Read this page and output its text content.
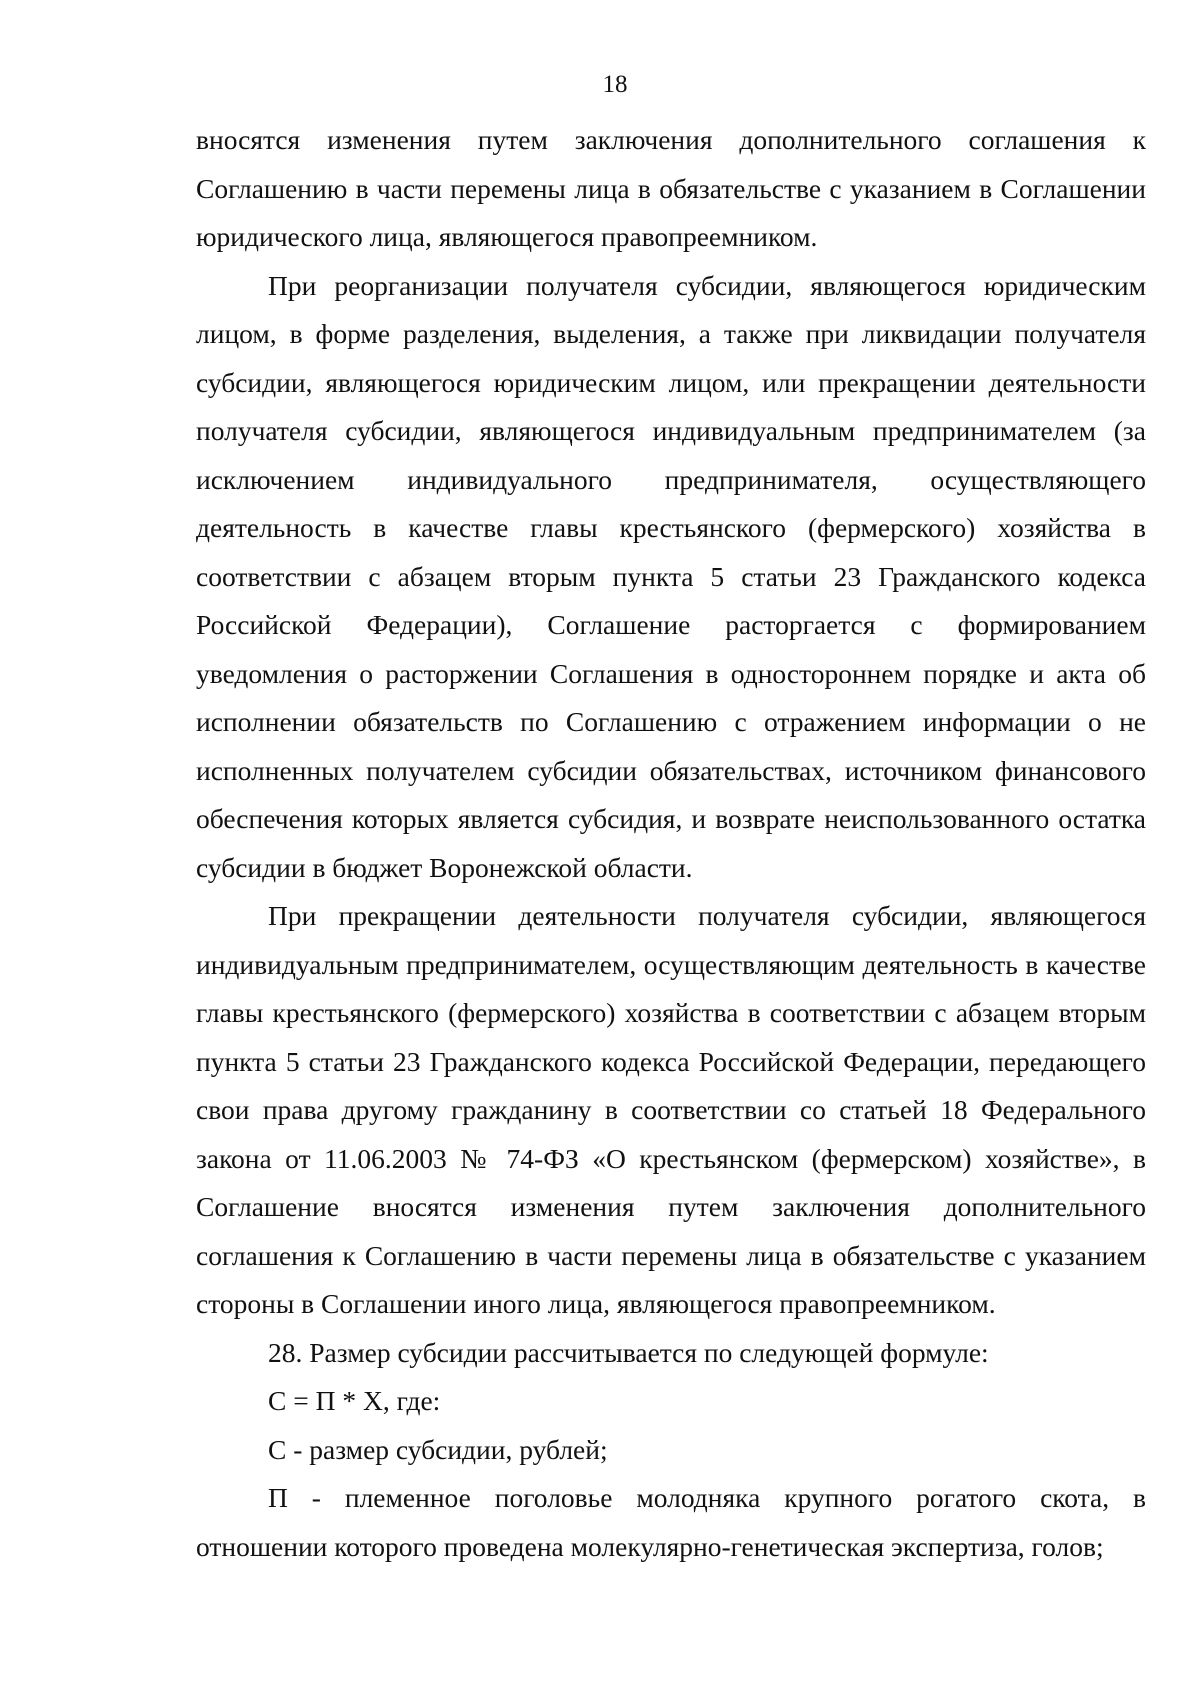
18

вносятся изменения путем заключения дополнительного соглашения к Соглашению в части перемены лица в обязательстве с указанием в Соглашении юридического лица, являющегося правопреемником.

При реорганизации получателя субсидии, являющегося юридическим лицом, в форме разделения, выделения, а также при ликвидации получателя субсидии, являющегося юридическим лицом, или прекращении деятельности получателя субсидии, являющегося индивидуальным предпринимателем (за исключением индивидуального предпринимателя, осуществляющего деятельность в качестве главы крестьянского (фермерского) хозяйства в соответствии с абзацем вторым пункта 5 статьи 23 Гражданского кодекса Российской Федерации), Соглашение расторгается с формированием уведомления о расторжении Соглашения в одностороннем порядке и акта об исполнении обязательств по Соглашению с отражением информации о не исполненных получателем субсидии обязательствах, источником финансового обеспечения которых является субсидия, и возврате неиспользованного остатка субсидии в бюджет Воронежской области.

При прекращении деятельности получателя субсидии, являющегося индивидуальным предпринимателем, осуществляющим деятельность в качестве главы крестьянского (фермерского) хозяйства в соответствии с абзацем вторым пункта 5 статьи 23 Гражданского кодекса Российской Федерации, передающего свои права другому гражданину в соответствии со статьей 18 Федерального закона от 11.06.2003 № 74-ФЗ «О крестьянском (фермерском) хозяйстве», в Соглашение вносятся изменения путем заключения дополнительного соглашения к Соглашению в части перемены лица в обязательстве с указанием стороны в Соглашении иного лица, являющегося правопреемником.

28. Размер субсидии рассчитывается по следующей формуле:

С = П * Х, где:

С - размер субсидии, рублей;

П - племенное поголовье молодняка крупного рогатого скота, в отношении которого проведена молекулярно-генетическая экспертиза, голов;
